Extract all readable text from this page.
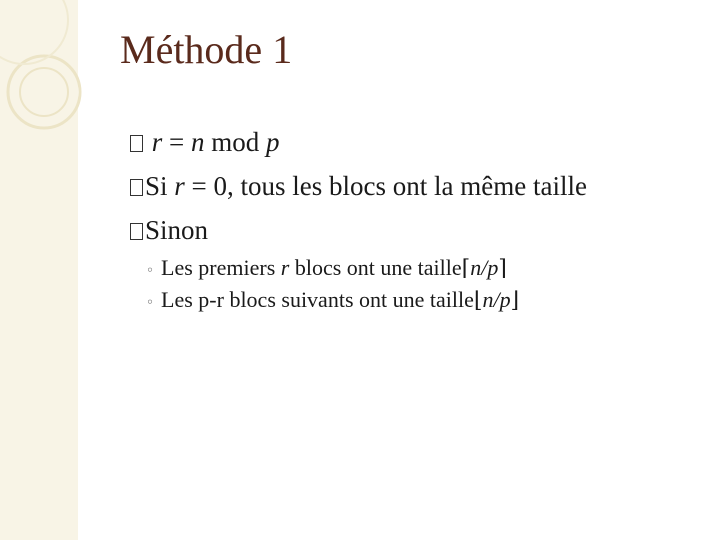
Méthode 1
r = n mod p
Si r = 0, tous les blocs ont la même taille
Sinon
◦ Les premiers r blocs ont une taille⌈n/p⌉
◦ Les p-r blocs suivants ont une taille⌊n/p⌋
